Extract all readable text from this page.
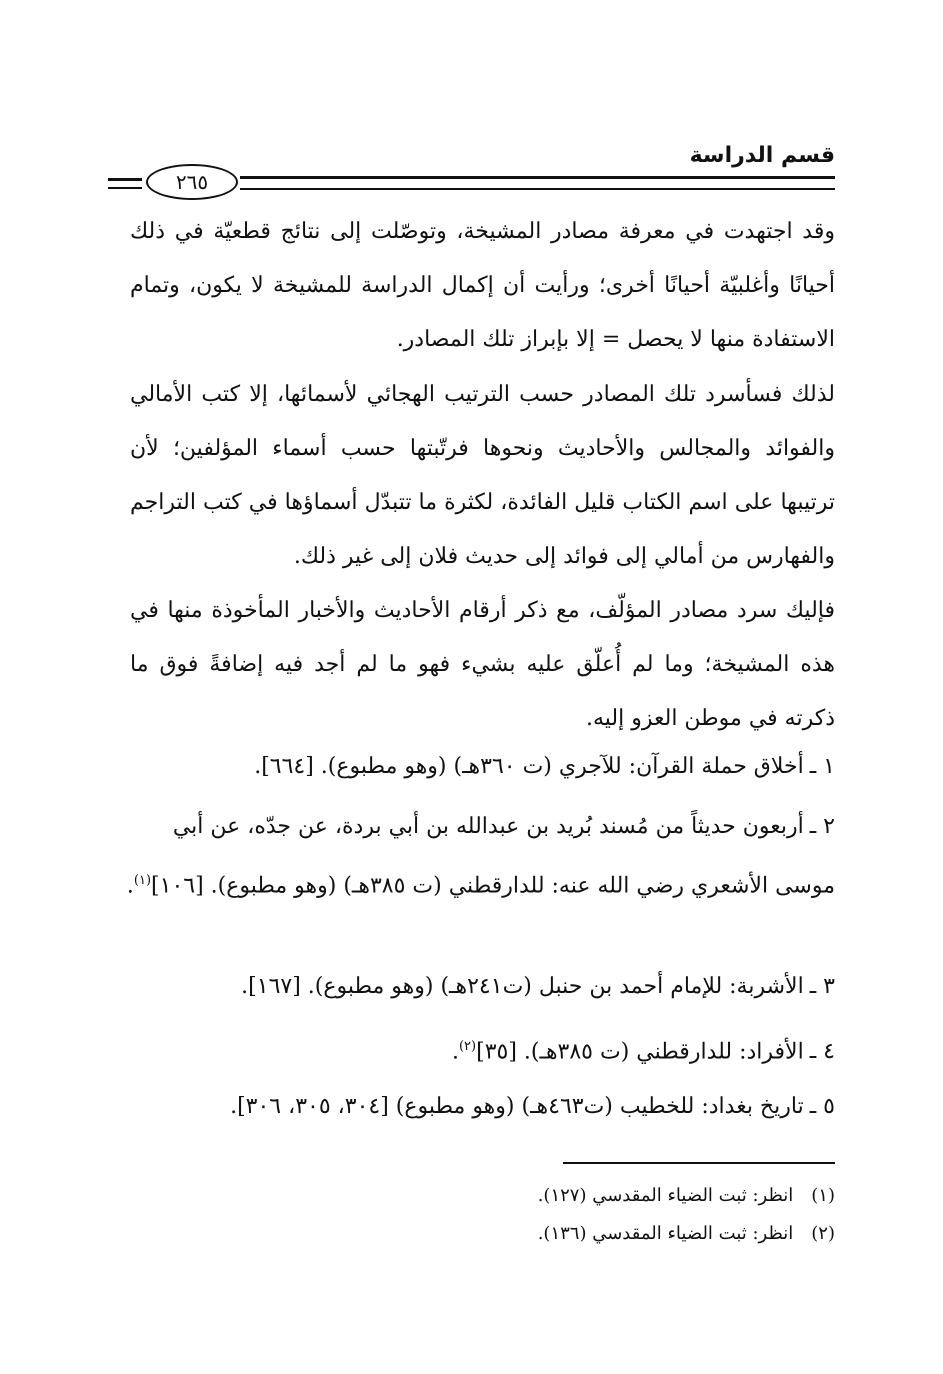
قسم الدراسة
٢٦٥
وقد اجتهدت في معرفة مصادر المشيخة، وتوصّلت إلى نتائج قطعيّة في ذلك أحيانًا وأغلبيّة أحيانًا أخرى؛ ورأيت أن إكمال الدراسة للمشيخة لا يكون، وتمام الاستفادة منها لا يحصل = إلا بإبراز تلك المصادر.
لذلك فسأسرد تلك المصادر حسب الترتيب الهجائي لأسمائها، إلا كتب الأمالي والفوائد والمجالس والأحاديث ونحوها فرتّبتها حسب أسماء المؤلفين؛ لأن ترتيبها على اسم الكتاب قليل الفائدة، لكثرة ما تتبدّل أسماؤها في كتب التراجم والفهارس من أمالي إلى فوائد إلى حديث فلان إلى غير ذلك.
فإليك سرد مصادر المؤلّف، مع ذكر أرقام الأحاديث والأخبار المأخوذة منها في هذه المشيخة؛ وما لم أُعلّق عليه بشيء فهو ما لم أجد فيه إضافةً فوق ما ذكرته في موطن العزو إليه.
١ ـأخلاق حملة القرآن: للآجري (ت ٣٦٠هـ) (وهو مطبوع). [٦٦٤].
٢ ـأربعون حديثاً من مُسند بُريد بن عبدالله بن أبي بردة، عن جدّه، عن أبي موسى الأشعري رضي الله عنه: للدارقطني (ت ٣٨٥هـ) (وهو مطبوع). [١٠٦]$^{(١)}$.
٣ ـالأشربة: للإمام أحمد بن حنبل (ت٢٤١هـ) (وهو مطبوع). [١٦٧].
٤ ـالأفراد: للدارقطني (ت ٣٨٥هـ). [٣٥]$^{(٢)}$.
٥ ـتاريخ بغداد: للخطيب (ت٤٦٣هـ) (وهو مطبوع) [٣٠٤، ٣٠٥، ٣٠٦].
(١)انظر: ثبت الضياء المقدسي (١٢٧).
(٢)انظر: ثبت الضياء المقدسي (١٣٦).
